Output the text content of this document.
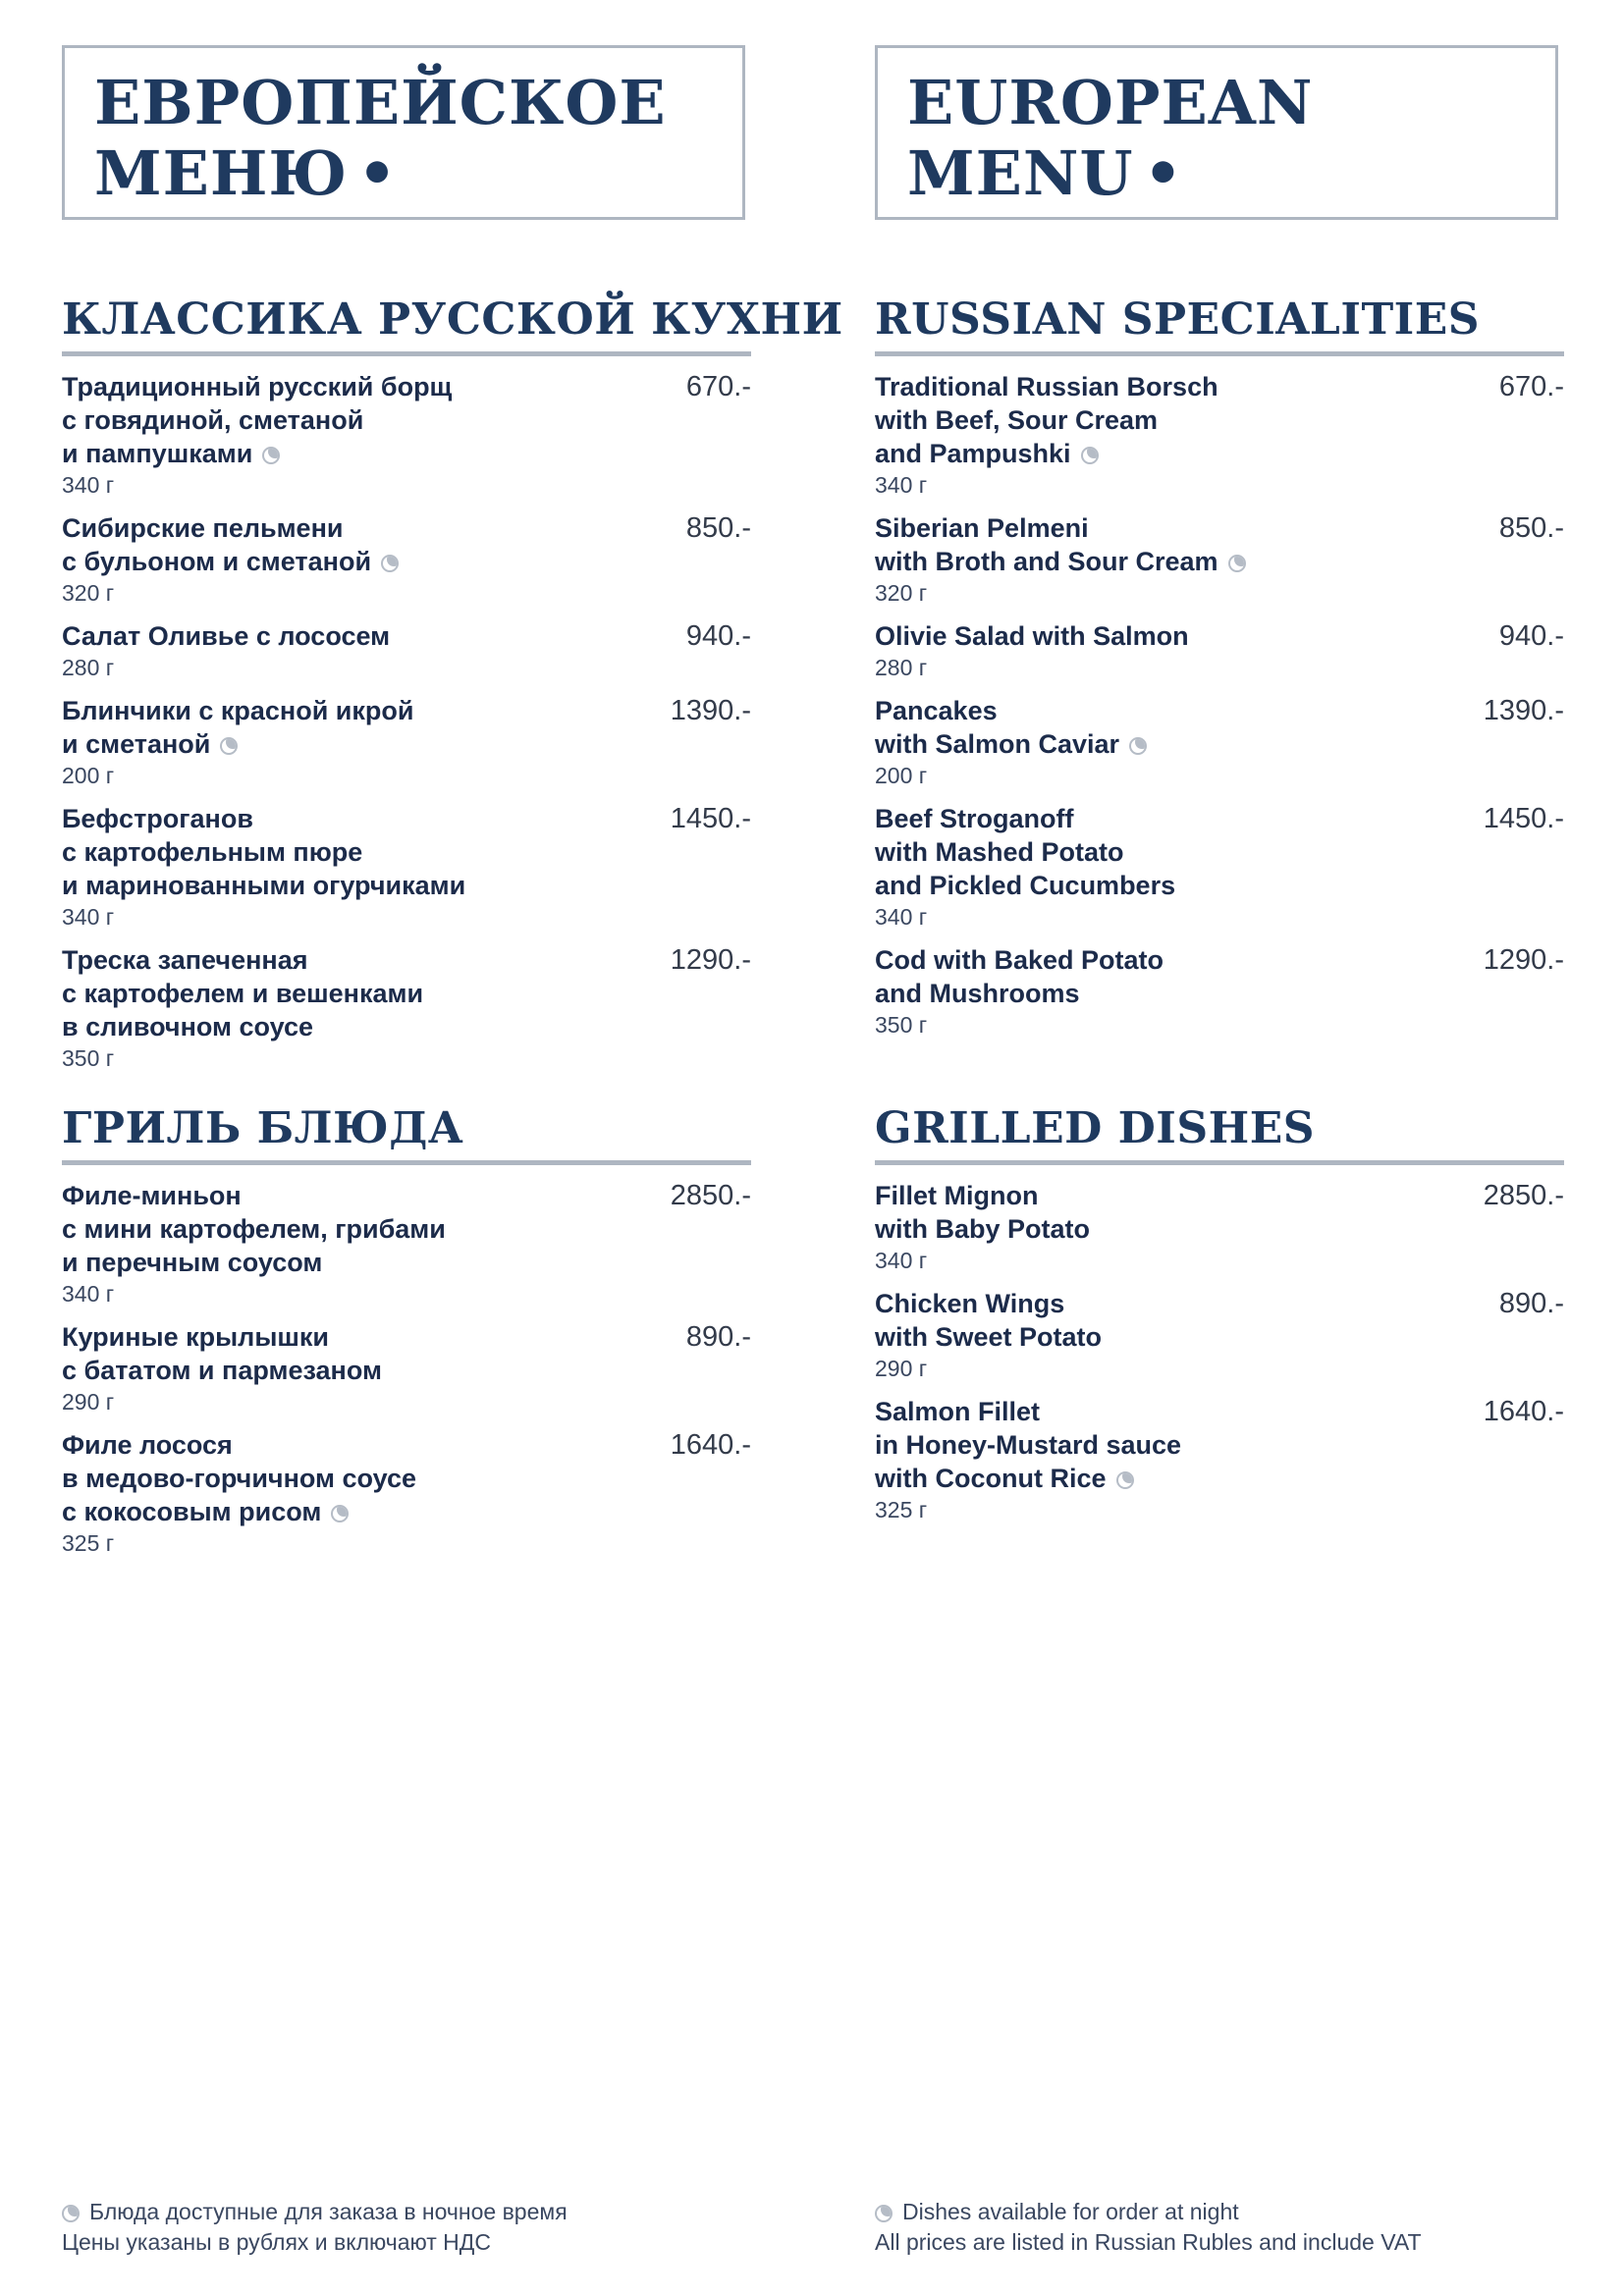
ЕВРОПЕЙСКОЕ
МЕНЮ •
КЛАССИКА РУССКОЙ КУХНИ
Традиционный русский борщ
с говядиной, сметаной
и пампушками
340 г
670.-
Сибирские пельмени
с бульоном и сметаной
320 г
850.-
Салат Оливье с лососем
280 г
940.-
Блинчики с красной икрой
и сметаной
200 г
1390.-
Бефстроганов
с картофельным пюре
и маринованными огурчиками
340 г
1450.-
Треска запеченная
с картофелем и вешенками
в сливочном соусе
350 г
1290.-
ГРИЛЬ БЛЮДА
Филе-миньон
с мини картофелем, грибами
и перечным соусом
340 г
2850.-
Куриные крылышки
с бататом и пармезаном
290 г
890.-
Филе лосося
в медово-горчичном соусе
с кокосовым рисом
325 г
1640.-
Блюда доступные для заказа в ночное время
Цены указаны в рублях и включают НДС
EUROPEAN
MENU •
RUSSIAN SPECIALITIES
Traditional Russian Borsch
with Beef, Sour Cream
and Pampushki
340 г
670.-
Siberian Pelmeni
with Broth and Sour Cream
320 г
850.-
Olivie Salad with Salmon
280 г
940.-
Pancakes
with Salmon Caviar
200 г
1390.-
Beef Stroganoff
with Mashed Potato
and Pickled Cucumbers
340 г
1450.-
Cod with Baked Potato
and Mushrooms
350 г
1290.-
GRILLED DISHES
Fillet Mignon
with Baby Potato
340 г
2850.-
Chicken Wings
with Sweet Potato
290 г
890.-
Salmon Fillet
in Honey-Mustard sauce
with Coconut Rice
325 г
1640.-
Dishes available for order at night
All prices are listed in Russian Rubles and include VAT
